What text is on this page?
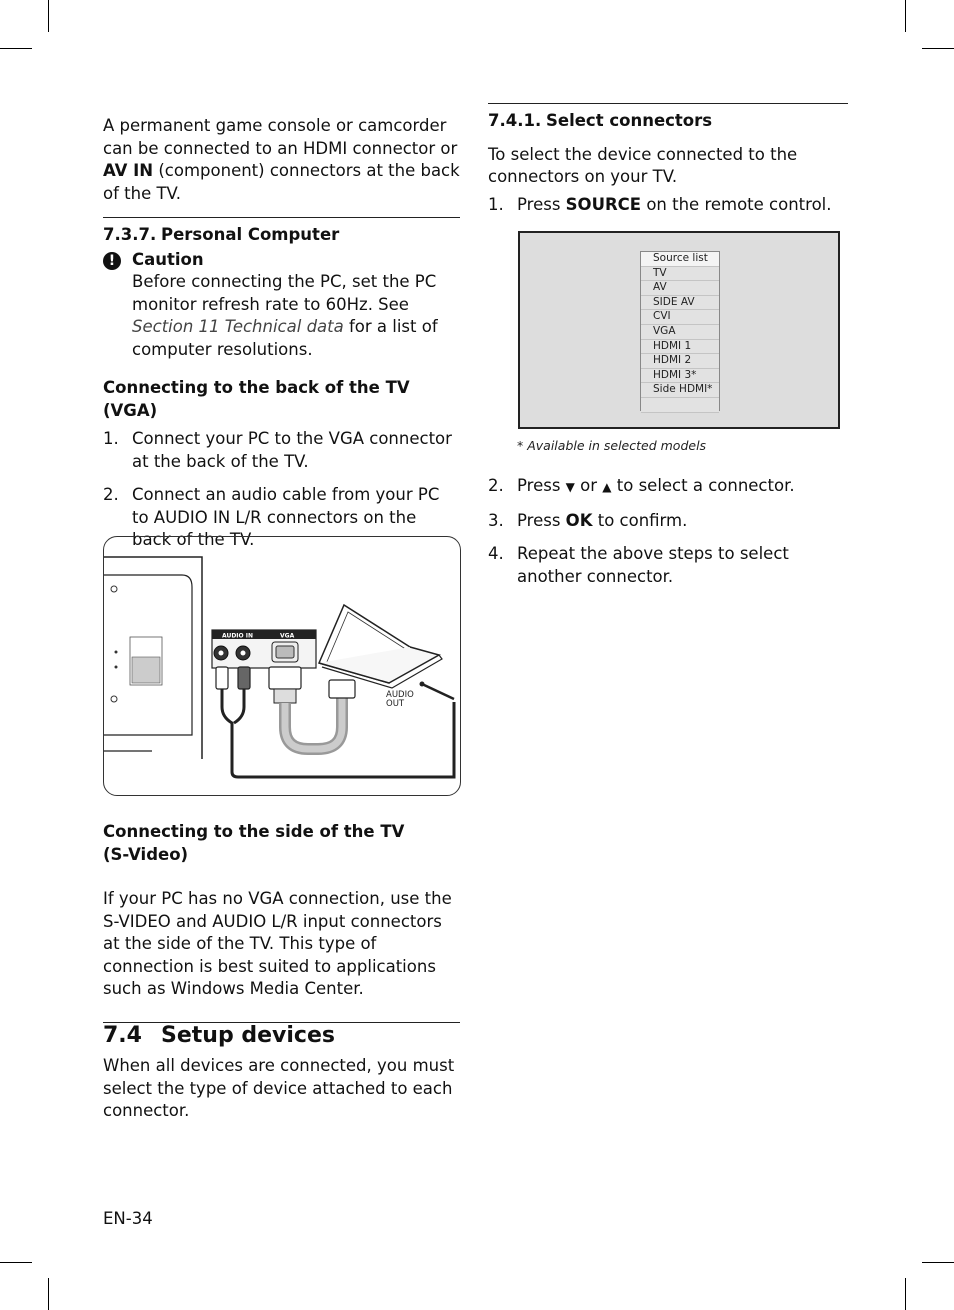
A permanent game console or camcorder can be connected to an HDMI connector or AV IN (component) connectors at the back of the TV.

7.3.7. Personal Computer

!	Caution

Before connecting the PC, set the PC monitor refresh rate to 60Hz. See Section 11 Technical data for a list of computer resolutions.

Connecting to the back of the TV (VGA)

1. Connect your PC to the VGA connector at the back of the TV.
2. Connect an audio cable from your PC to AUDIO IN L/R connectors on the back of the TV.
AUDIO IN	VGA
AUDIO
OUT

Connecting to the side of the TV
(S-Video)

If your PC has no VGA connection, use the S-VIDEO and AUDIO L/R input connectors at the side of the TV. This type of connection is best suited to applications such as Windows Media Center.

7.4 Setup devices

When all devices are connected, you must select the type of device attached to each connector.

7.4.1. Select connectors

To select the device connected to the connectors on your TV.

1. Press SOURCE on the remote control.
Source list
TV
AV
SIDE AV
CVI
VGA
HDMI 1
HDMI 2
HDMI 3*
Side HDMI*
* Available in selected models
2. Press ▼ or ▲ to select a connector.
3. Press OK to confirm.
4. Repeat the above steps to select another connector.
EN-34
